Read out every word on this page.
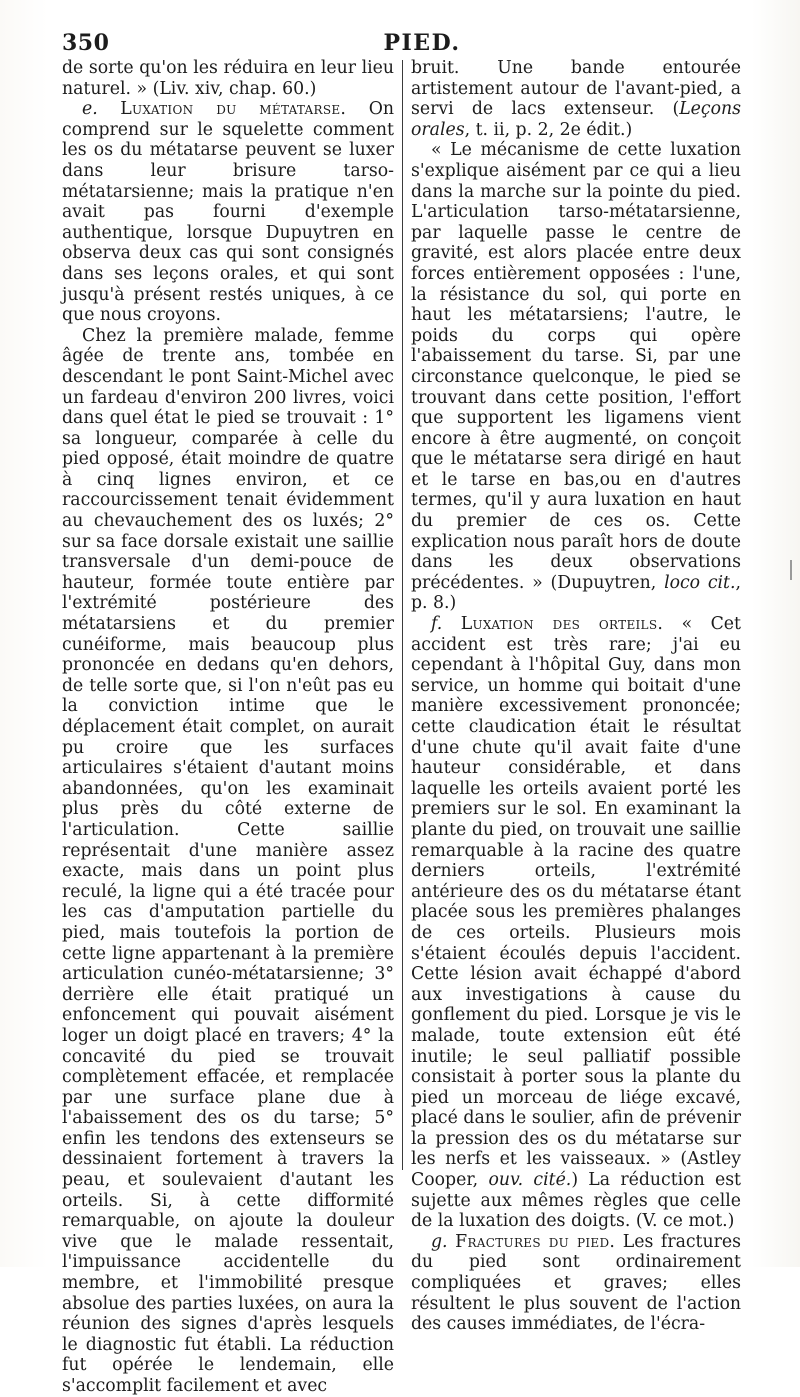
350	PIED.

de sorte qu'on les réduira en leur lieu naturel. » (Liv. xiv, chap. 60.)

e. Luxation du métatarse. On comprend sur le squelette comment les os du métatarse peuvent se luxer dans leur brisure tarso-métatarsienne; mais la pratique n'en avait pas fourni d'exemple authentique, lorsque Dupuytren en observa deux cas qui sont consignés dans ses leçons orales, et qui sont jusqu'à présent restés uniques, à ce que nous croyons.

Chez la première malade, femme âgée de trente ans, tombée en descendant le pont Saint-Michel avec un fardeau d'environ 200 livres, voici dans quel état le pied se trouvait : 1° sa longueur, comparée à celle du pied opposé, était moindre de quatre à cinq lignes environ, et ce raccourcissement tenait évidemment au chevauchement des os luxés; 2° sur sa face dorsale existait une saillie transversale d'un demi-pouce de hauteur, formée toute entière par l'extrémité postérieure des métatarsiens et du premier cunéiforme, mais beaucoup plus prononcée en dedans qu'en dehors, de telle sorte que, si l'on n'eût pas eu la conviction intime que le déplacement était complet, on aurait pu croire que les surfaces articulaires s'étaient d'autant moins abandonnées, qu'on les examinait plus près du côté externe de l'articulation. Cette saillie représentait d'une manière assez exacte, mais dans un point plus reculé, la ligne qui a été tracée pour les cas d'amputation partielle du pied, mais toutefois la portion de cette ligne appartenant à la première articulation cunéo-métatarsienne; 3° derrière elle était pratiqué un enfoncement qui pouvait aisément loger un doigt placé en travers; 4° la concavité du pied se trouvait complètement effacée, et remplacée par une surface plane due à l'abaissement des os du tarse; 5° enfin les tendons des extenseurs se dessinaient fortement à travers la peau, et soulevaient d'autant les orteils. Si, à cette difformité remarquable, on ajoute la douleur vive que le malade ressentait, l'impuissance accidentelle du membre, et l'immobilité presque absolue des parties luxées, on aura la réunion des signes d'après lesquels le diagnostic fut établi. La réduction fut opérée le lendemain, elle s'accomplit facilement et avec

bruit. Une bande entourée artistement autour de l'avant-pied, a servi de lacs extenseur. (Leçons orales, t. ii, p. 2, 2e édit.)

« Le mécanisme de cette luxation s'explique aisément par ce qui a lieu dans la marche sur la pointe du pied. L'articulation tarso-métatarsienne, par laquelle passe le centre de gravité, est alors placée entre deux forces entièrement opposées : l'une, la résistance du sol, qui porte en haut les métatarsiens; l'autre, le poids du corps qui opère l'abaissement du tarse. Si, par une circonstance quelconque, le pied se trouvant dans cette position, l'effort que supportent les ligamens vient encore à être augmenté, on conçoit que le métatarse sera dirigé en haut et le tarse en bas,ou en d'autres termes, qu'il y aura luxation en haut du premier de ces os. Cette explication nous paraît hors de doute dans les deux observations précédentes. » (Dupuytren, loco cit., p. 8.)

f. Luxation des orteils. « Cet accident est très rare; j'ai eu cependant à l'hôpital Guy, dans mon service, un homme qui boitait d'une manière excessivement prononcée; cette claudication était le résultat d'une chute qu'il avait faite d'une hauteur considérable, et dans laquelle les orteils avaient porté les premiers sur le sol. En examinant la plante du pied, on trouvait une saillie remarquable à la racine des quatre derniers orteils, l'extrémité antérieure des os du métatarse étant placée sous les premières phalanges de ces orteils. Plusieurs mois s'étaient écoulés depuis l'accident. Cette lésion avait échappé d'abord aux investigations à cause du gonflement du pied. Lorsque je vis le malade, toute extension eût été inutile; le seul palliatif possible consistait à porter sous la plante du pied un morceau de liége excavé, placé dans le soulier, afin de prévenir la pression des os du métatarse sur les nerfs et les vaisseaux. » (Astley Cooper, ouv. cité.) La réduction est sujette aux mêmes règles que celle de la luxation des doigts. (V. ce mot.)

g. Fractures du pied. Les fractures du pied sont ordinairement compliquées et graves; elles résultent le plus souvent de l'action des causes immédiates, de l'écra-
